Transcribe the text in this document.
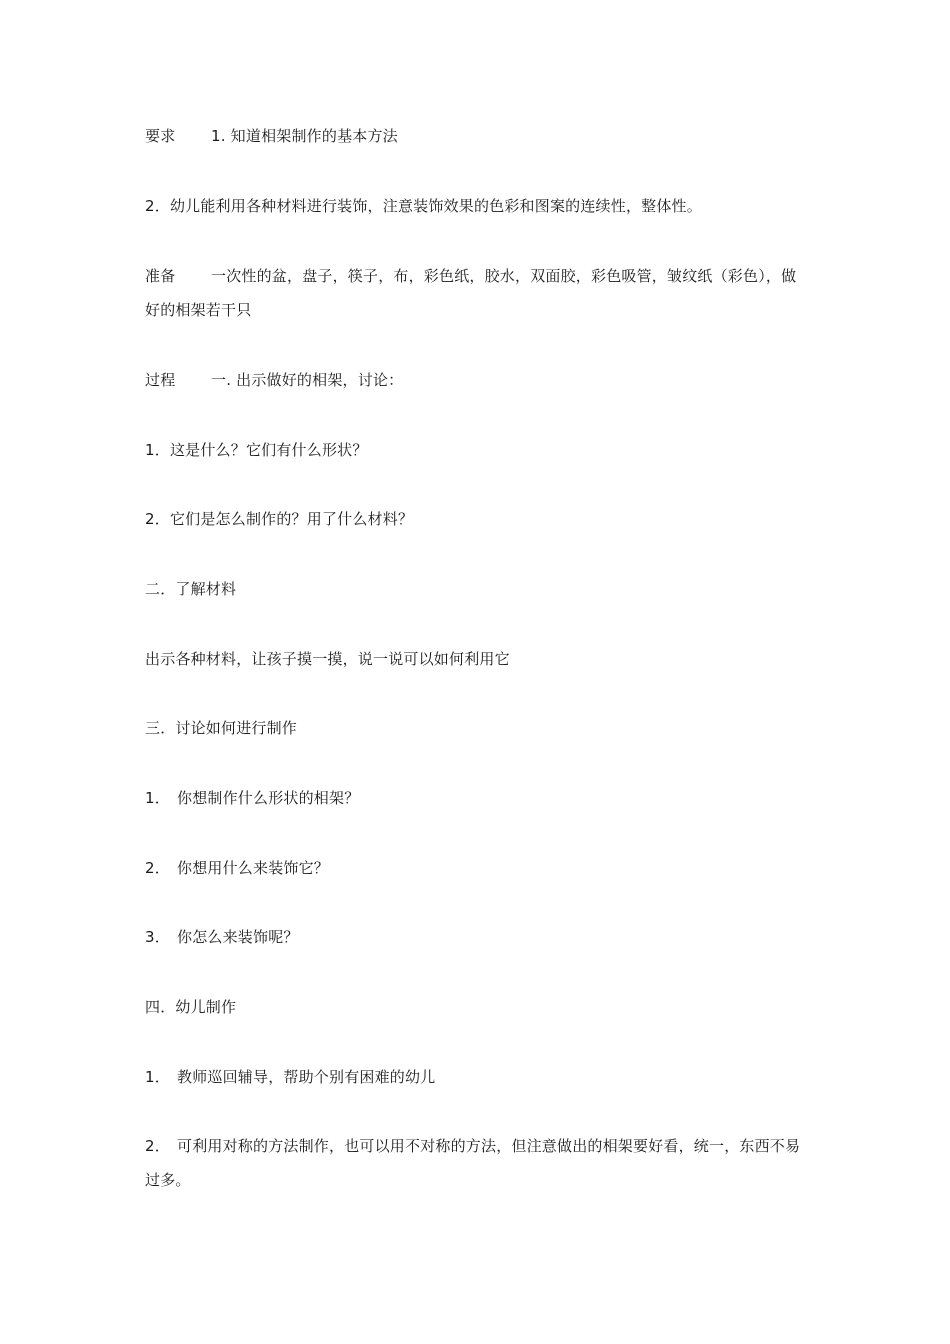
要求 1. 知道相架制作的基本方法
2．幼儿能利用各种材料进行装饰，注意装饰效果的色彩和图案的连续性，整体性。
准备 一次性的盆，盘子，筷子，布，彩色纸，胶水，双面胶，彩色吸管，皱纹纸（彩色），做好的相架若干只
过程 一. 出示做好的相架，讨论：
1．这是什么？它们有什么形状？
2．它们是怎么制作的？用了什么材料？
二．了解材料
出示各种材料，让孩子摸一摸，说一说可以如何利用它
三．讨论如何进行制作
1． 你想制作什么形状的相架？
2． 你想用什么来装饰它？
3． 你怎么来装饰呢？
四．幼儿制作
1． 教师巡回辅导，帮助个别有困难的幼儿
2． 可利用对称的方法制作，也可以用不对称的方法，但注意做出的相架要好看，统一，东西不易过多。
